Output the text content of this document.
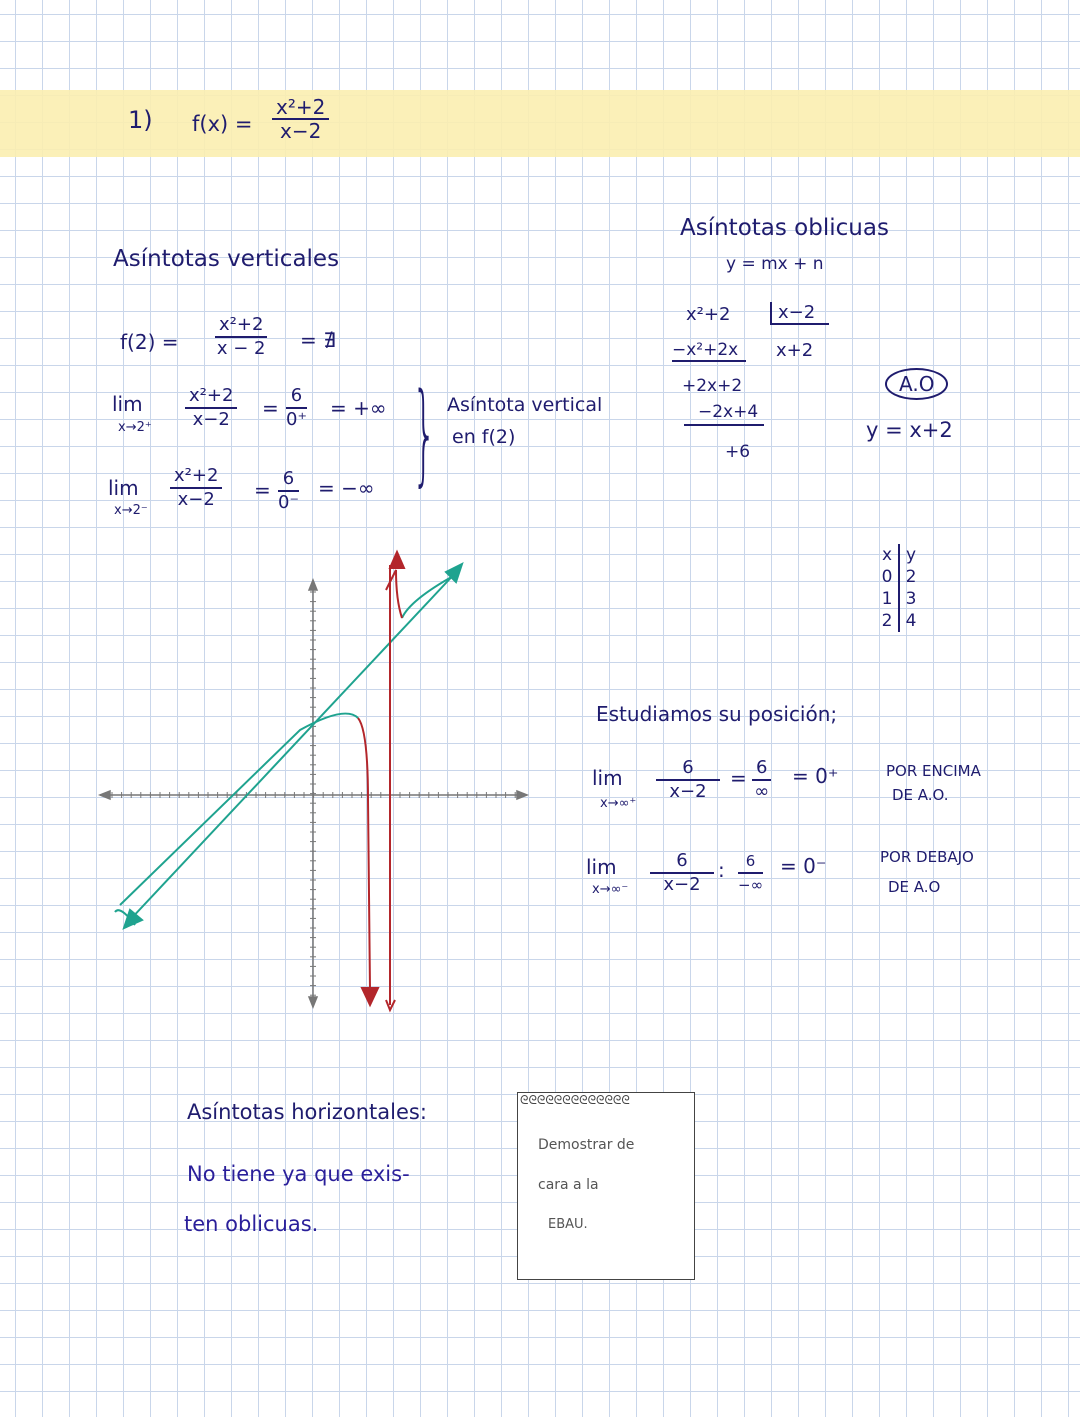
1) $f(x) = \frac{\text{x²+2}}{x-2}$
Asíntotas verticales
$f(2) = \frac{\text{x²+2}}{x - 2}$ = ∄
lim
$x\to 2^+ \frac{\text{x²+2}}{x-2} = \frac{6}{0^+}$ = +∞
lim
$x\to 2^- \frac{\text{x²+2}}{x-2} = \frac{6}{0^-}$ = −∞ } Asíntota vertical
en f(2)
Asíntotas oblicuas
y = mx + n
x²+2	x−2
−x²+2x	x+2
+2x+2
−2x+4
+6
A.O
y = x+2
x y
0 2
1 3
2 4
Estudiamos su posición;
lim
x→∞⁺
$\frac{6}{x-2} = 6$
∞
= 0⁺	POR ENCIMA
DE A.O.
lim
$x\to\infty^- \frac{6}{x-2}$ :	6
−∞
= 0⁻	POR DEBAJO
DE A.O
Asíntotas horizontales:
No tiene ya que exis-
ten oblicuas.
ᘓᘓᘓᘓᘓᘓᘓᘓᘓᘓᘓᘓᘓ
Demostrar de
cara a la
EBAU.
